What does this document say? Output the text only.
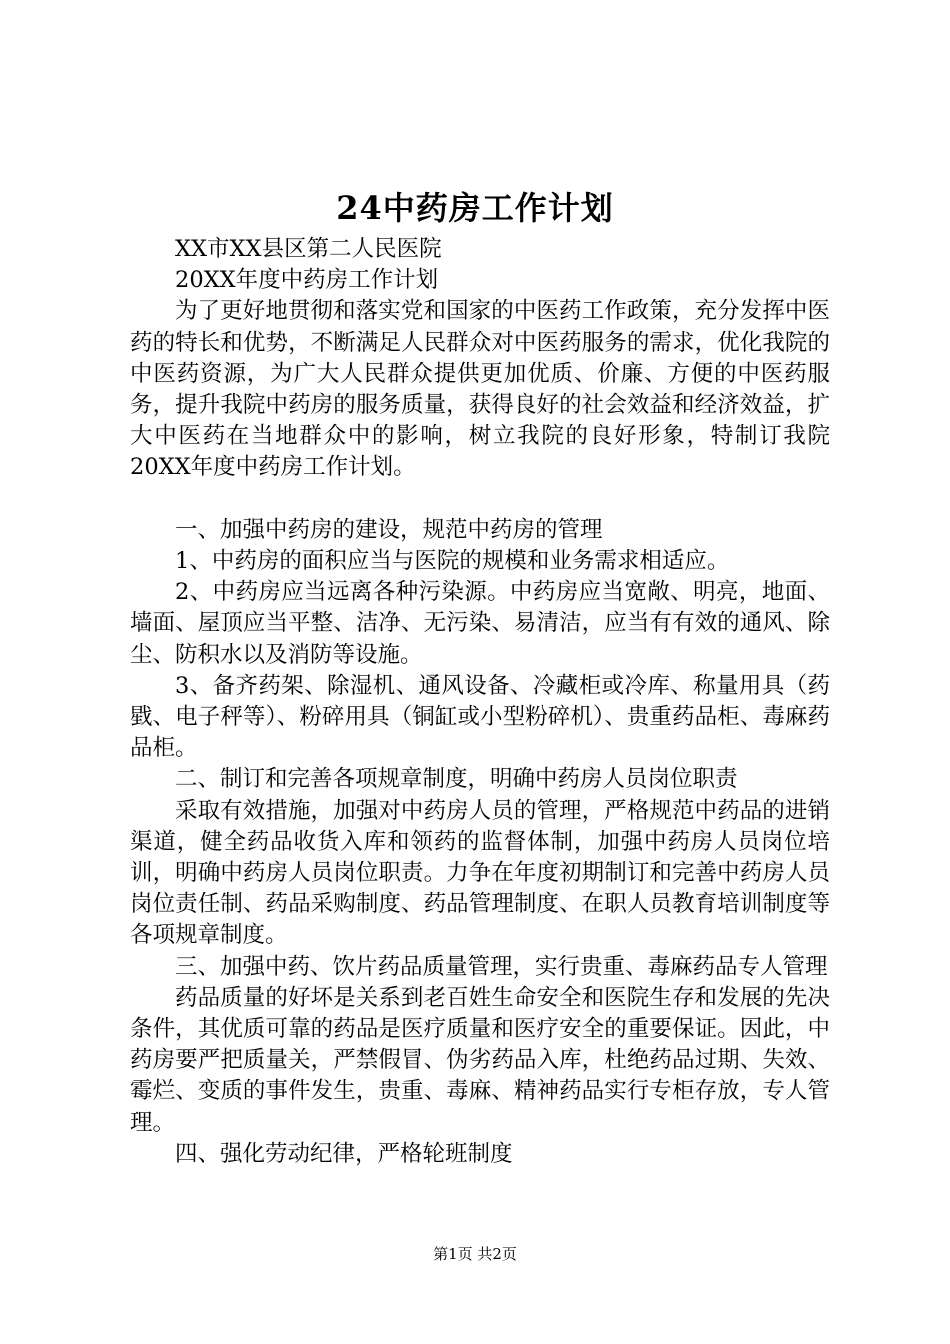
24中药房工作计划

XX市XX县区第二人民医院

20XX年度中药房工作计划

为了更好地贯彻和落实党和国家的中医药工作政策，充分发挥中医药的特长和优势，不断满足人民群众对中医药服务的需求，优化我院的中医药资源，为广大人民群众提供更加优质、价廉、方便的中医药服务，提升我院中药房的服务质量，获得良好的社会效益和经济效益，扩大中医药在当地群众中的影响，树立我院的良好形象，特制订我院20XX年度中药房工作计划。

一、加强中药房的建设，规范中药房的管理

1、中药房的面积应当与医院的规模和业务需求相适应。

2、中药房应当远离各种污染源。中药房应当宽敞、明亮，地面、墙面、屋顶应当平整、洁净、无污染、易清洁，应当有有效的通风、除尘、防积水以及消防等设施。

3、备齐药架、除湿机、通风设备、冷藏柜或冷库、称量用具（药戥、电子秤等）、粉碎用具（铜缸或小型粉碎机）、贵重药品柜、毒麻药品柜。

二、制订和完善各项规章制度，明确中药房人员岗位职责

采取有效措施，加强对中药房人员的管理，严格规范中药品的进销渠道，健全药品收货入库和领药的监督体制，加强中药房人员岗位培训，明确中药房人员岗位职责。力争在年度初期制订和完善中药房人员岗位责任制、药品采购制度、药品管理制度、在职人员教育培训制度等各项规章制度。

三、加强中药、饮片药品质量管理，实行贵重、毒麻药品专人管理

药品质量的好坏是关系到老百姓生命安全和医院生存和发展的先决条件，其优质可靠的药品是医疗质量和医疗安全的重要保证。因此，中药房要严把质量关，严禁假冒、伪劣药品入库，杜绝药品过期、失效、霉烂、变质的事件发生，贵重、毒麻、精神药品实行专柜存放，专人管理。

四、强化劳动纪律，严格轮班制度

第1页 共2页
